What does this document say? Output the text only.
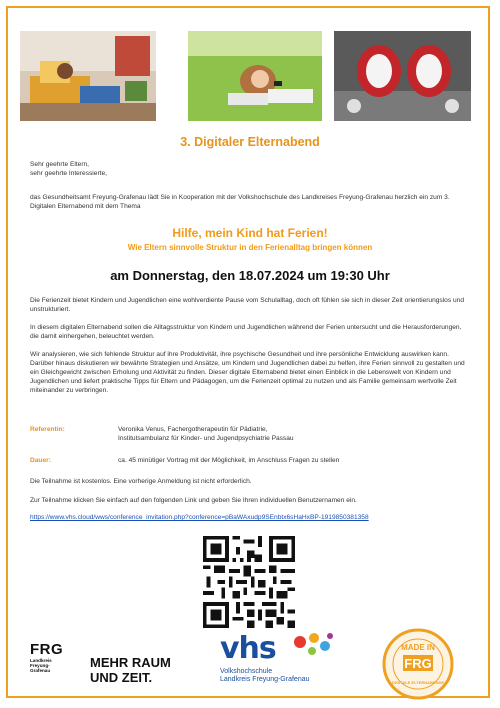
3. Digitaler Elternabend
Sehr geehrte Eltern,
sehr geehrte Interessierte,
das Gesundheitsamt Freyung-Grafenau lädt Sie in Kooperation mit der Volkshochschule des Landkreises Freyung-Grafenau herzlich ein zum 3. Digitalen Elternabend mit dem Thema
Hilfe, mein Kind hat Ferien!
Wie Eltern sinnvolle Struktur in den Ferienalltag bringen können
am Donnerstag, den 18.07.2024 um 19:30 Uhr
Die Ferienzeit bietet Kindern und Jugendlichen eine wohlverdiente Pause vom Schulalltag, doch oft fühlen sie sich in dieser Zeit orientierungslos und unstrukturiert.
In diesem digitalen Elternabend sollen die Alltagsstruktur von Kindern und Jugendlichen während der Ferien untersucht und die Herausforderungen, die damit einhergehen, beleuchtet werden.
Wir analysieren, wie sich fehlende Struktur auf ihre Produktivität, ihre psychische Gesundheit und ihre persönliche Entwicklung auswirken kann. Darüber hinaus diskutieren wir bewährte Strategien und Ansätze, um Kindern und Jugendlichen dabei zu helfen, ihre Ferien sinnvoll zu gestalten und ein Gleichgewicht zwischen Erholung und Aktivität zu finden. Dieser digitale Elternabend bietet einen Einblick in die Lebenswelt von Kindern und Jugendlichen und liefert praktische Tipps für Eltern und Pädagogen, um die Ferienzeit optimal zu nutzen und als Familie gemeinsam wertvolle Zeit miteinander zu verbringen.
Referentin:	Veronika Venus, Fachergotherapeutin für Pädiatrie,
Institutsambulanz für Kinder- und Jugendpsychiatrie Passau
Dauer:	ca. 45 minütiger Vortrag mit der Möglichkeit, im Anschluss Fragen zu stellen
Die Teilnahme ist kostenlos. Eine vorherige Anmeldung ist nicht erforderlich.
Zur Teilnahme klicken Sie einfach auf den folgenden Link und geben Sie Ihren individuellen Benutzernamen ein.
https://www.vhs.cloud/wws/conference_invitation.php?conference=pBaWAxudp9SEnbtx6sHaHxBP-1919850381358
FRG
Landkreis
Freyung-
Grafenau
MEHR RAUM
UND ZEIT.
vhs
Volkshochschule
Landkreis Freyung-Grafenau
MADE IN
FRG
DIGITALE ELTERNABENDE
